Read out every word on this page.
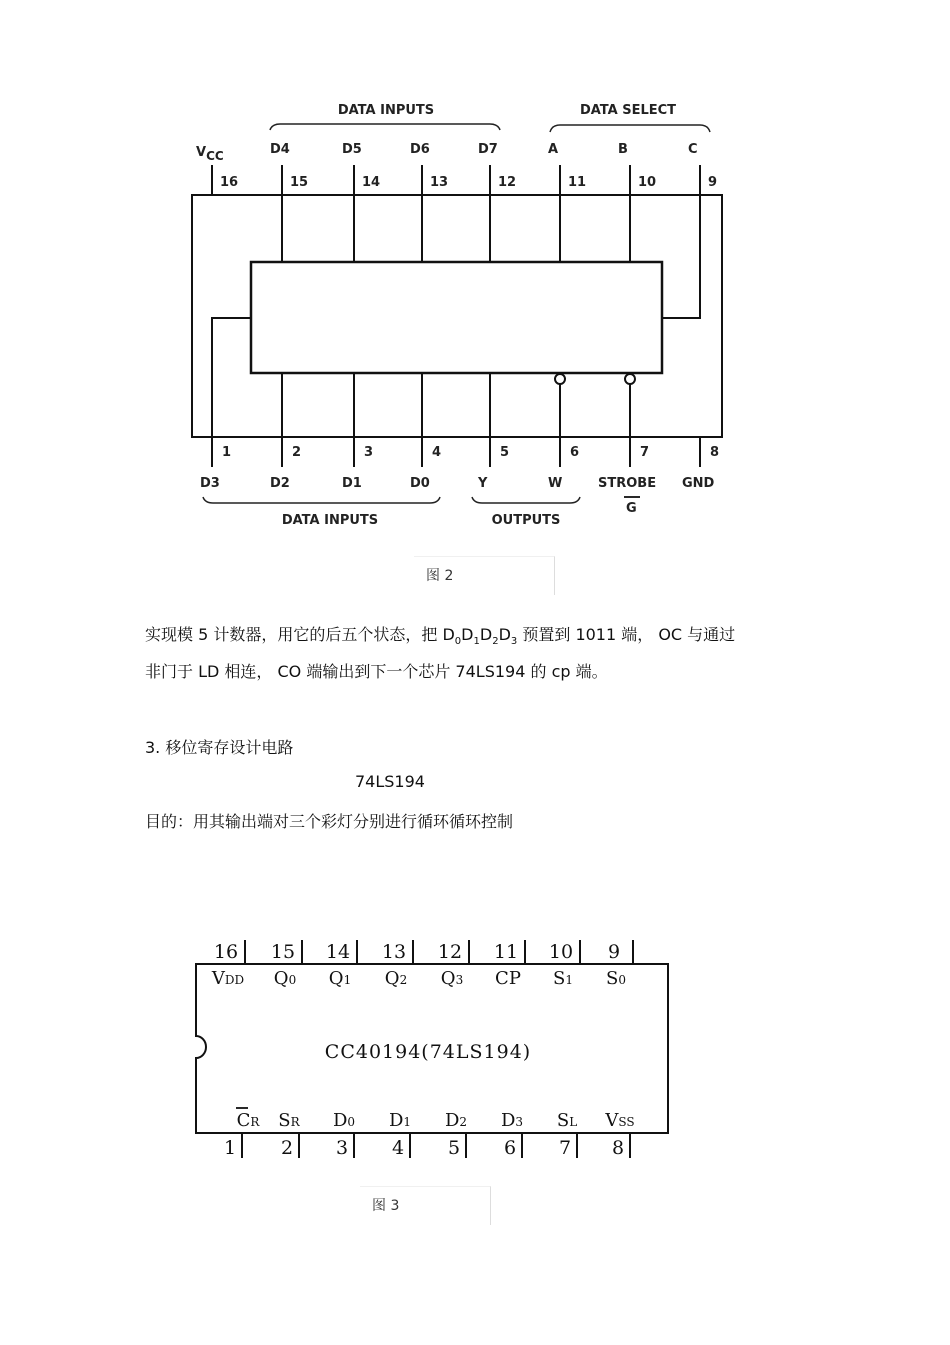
DATA INPUTS	DATA SELECT
16
VCC
15
D4
14
D5
13
D6
12
D7
11
A
10
B
9
C
1
D3
2
D2
3
D1
4
D0
5
Y
6
W
7
STROBE
G
8
GND
DATA INPUTS	OUTPUTS
图 2
实现模 5 计数器，用它的后五个状态，把 $D_0D_1D_2D_3$ 预置到 1011 端， OC 与通过
非门于 LD 相连， CO 端输出到下一个芯片 74LS194 的 cp 端。
3. 移位寄存设计电路
74LS194
目的：用其输出端对三个彩灯分别进行循环循环控制
16
VDD
15
Q0
14
Q1
13
Q2
12
Q3
11
CP
10
S1
9
S0
CC40194(74LS194)
CR SR D0 D1 D2 D3 SL VSS
1 2 3 4 5 6 7 8
图 3
